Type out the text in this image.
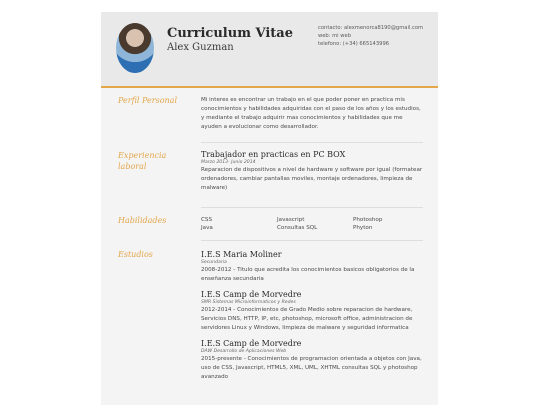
Curriculum Vitae
Alex Guzman
contacto: alexmenorca8190@gmail.com
web: mi web
telefono: (+34) 665143996
Perfil Personal	Mi interes es encontrar un trabajo en el que poder poner en practica mis conocimientos y habilidades adquiridas con el paso de los años y los estudios, y mediante el trabajo adquirir mas conocimientos y habilidades que me ayuden a evolucionar como desarrollador.
Experiencia laboral
Trabajador en practicas en PC BOX
Marzo 2013- Junio 2014
Reparacion de dispositivos a nivel de hardware y software por igual (formatear ordenadores, cambiar pantallas moviles, montaje ordenadores, limpieza de malware)
Habilidades	CSS	Javascript	Photoshop
Java	Consultas SQL	Phyton
Estudios	I.E.S Maria Moliner
Secundaria
2008-2012 - Titulo que acredita los conocimientos basicos obligatorios de la enseñanza secundaria
I.E.S Camp de Morvedre
SMR Sistemas Microinformaticos y Redes
2012-2014 - Conocimientos de Grado Medio sobre reparacion de hardware, Servicios DNS, HTTP, IP, etc, photoshop, microsoft office, administracion de servidores Linux y Windows, limpieza de malware y seguridad informatica
I.E.S Camp de Morvedre
DAW Desarrollo de Aplicaciones Web
2015-presente - Conocimientos de programacion orientada a objetos con Java, uso de CSS, Javascript, HTML5, XML, UML, XHTML consultas SQL y photoshop avanzado
